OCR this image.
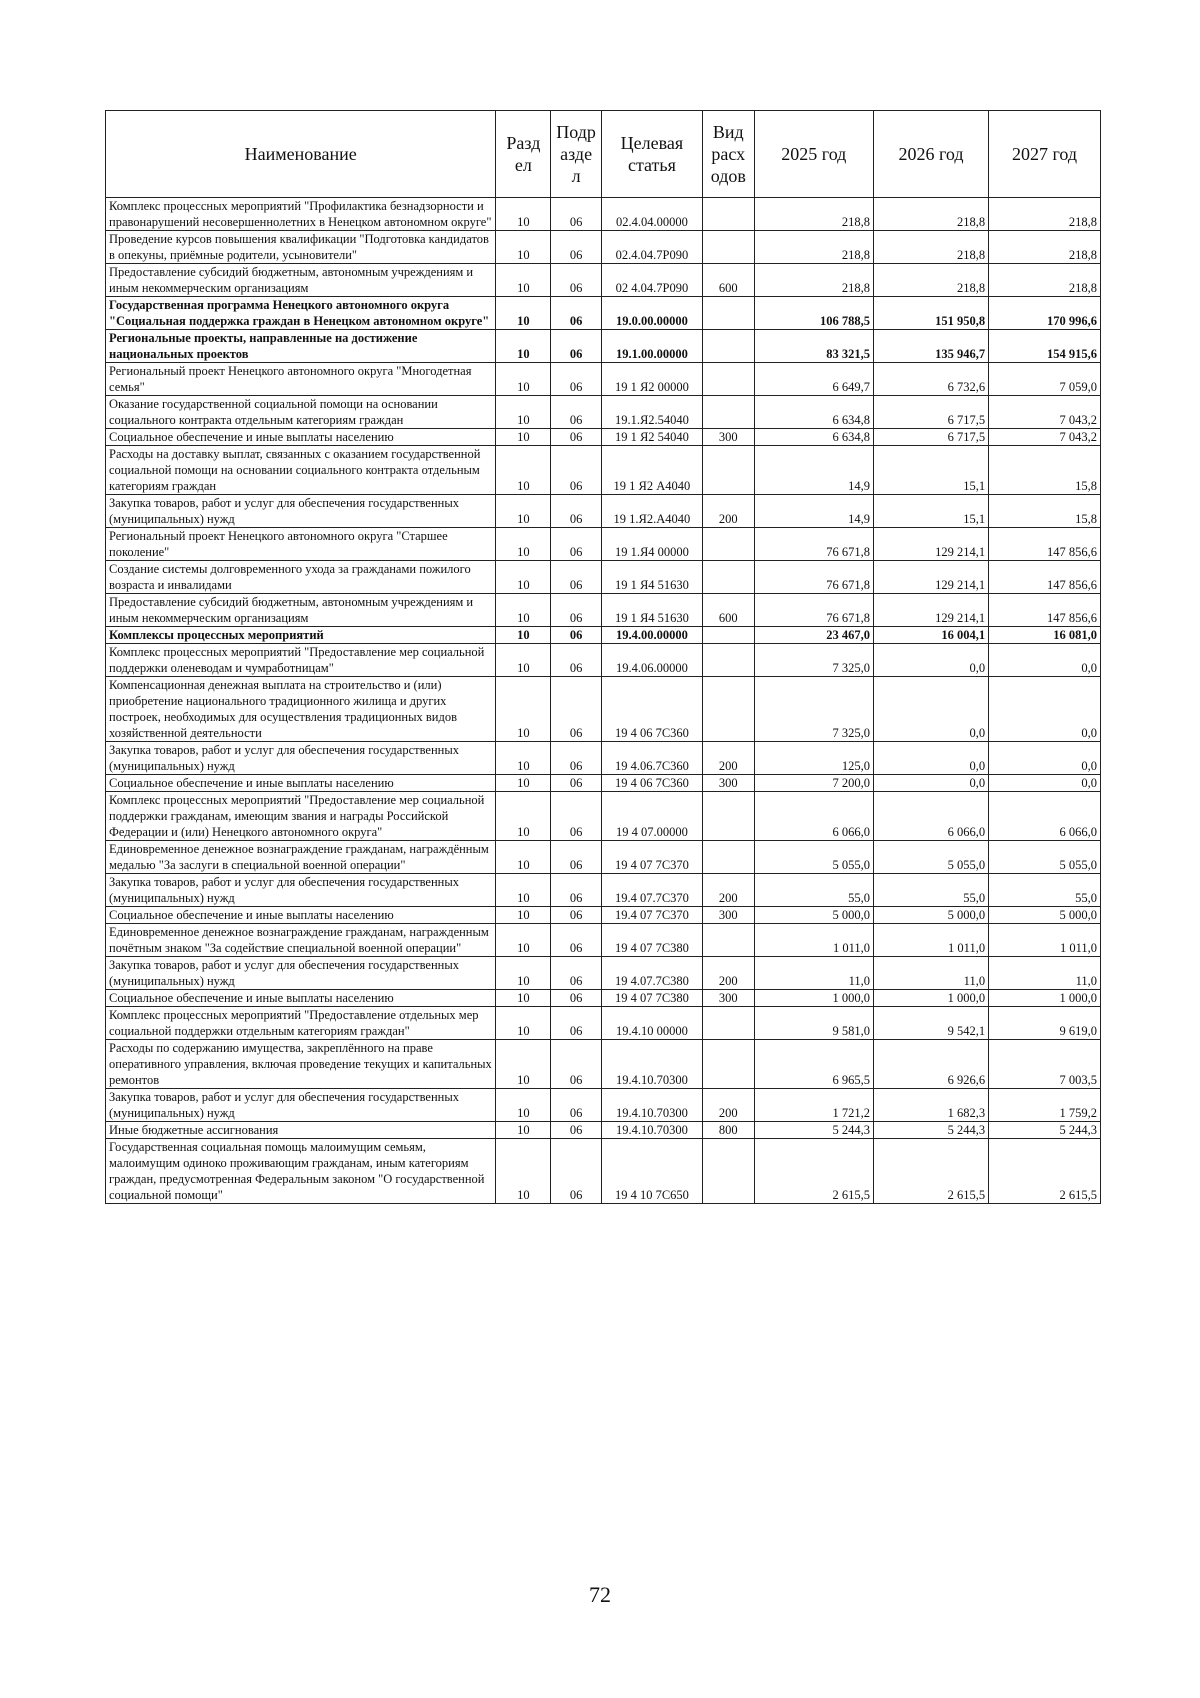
Наименование	Разд ел	Подр азде л	Целевая статья	Вид расх одов	2025 год	2026 год	2027 год
Комплекс процессных мероприятий "Профилактика безнадзорности и правонарушений несовершеннолетних в Ненецком автономном округе"	10	06	02.4.04.00000		218,8	218,8	218,8
Проведение курсов повышения квалификации "Подготовка кандидатов в опекуны, приёмные родители, усыновители"	10	06	02.4.04.7Р090		218,8	218,8	218,8
Предоставление субсидий бюджетным, автономным учреждениям и иным некоммерческим организациям	10	06	02 4.04.7Р090	600	218,8	218,8	218,8
Государственная программа Ненецкого автономного округа "Социальная поддержка граждан в Ненецком автономном округе"	10	06	19.0.00.00000		106 788,5	151 950,8	170 996,6
Региональные проекты, направленные на достижение национальных проектов	10	06	19.1.00.00000		83 321,5	135 946,7	154 915,6
Региональный проект Ненецкого автономного округа "Многодетная семья"	10	06	19 1 Я2 00000		6 649,7	6 732,6	7 059,0
Оказание государственной социальной помощи на основании социального контракта отдельным категориям граждан	10	06	19.1.Я2.54040		6 634,8	6 717,5	7 043,2
Социальное обеспечение и иные выплаты населению	10	06	19 1 Я2 54040	300	6 634,8	6 717,5	7 043,2
Расходы на доставку выплат, связанных с оказанием государственной социальной помощи на основании социального контракта отдельным категориям граждан	10	06	19 1 Я2 А4040		14,9	15,1	15,8
Закупка товаров, работ и услуг для обеспечения государственных (муниципальных) нужд	10	06	19 1.Я2.А4040	200	14,9	15,1	15,8
Региональный проект Ненецкого автономного округа "Старшее поколение"	10	06	19 1.Я4 00000		76 671,8	129 214,1	147 856,6
Создание системы долговременного ухода за гражданами пожилого возраста и инвалидами	10	06	19 1 Я4 51630		76 671,8	129 214,1	147 856,6
Предоставление субсидий бюджетным, автономным учреждениям и иным некоммерческим организациям	10	06	19 1 Я4 51630	600	76 671,8	129 214,1	147 856,6
Комплексы процессных мероприятий	10	06	19.4.00.00000		23 467,0	16 004,1	16 081,0
Комплекс процессных мероприятий "Предоставление мер социальной поддержки оленеводам и чумработницам"	10	06	19.4.06.00000		7 325,0	0,0	0,0
Компенсационная денежная выплата на строительство и (или) приобретение национального традиционного жилища и других построек, необходимых для осуществления традиционных видов хозяйственной деятельности	10	06	19 4 06 7С360		7 325,0	0,0	0,0
Закупка товаров, работ и услуг для обеспечения государственных (муниципальных) нужд	10	06	19 4.06.7С360	200	125,0	0,0	0,0
Социальное обеспечение и иные выплаты населению	10	06	19 4 06 7С360	300	7 200,0	0,0	0,0
Комплекс процессных мероприятий "Предоставление мер социальной поддержки гражданам, имеющим звания и награды Российской Федерации и (или) Ненецкого автономного округа"	10	06	19 4 07.00000		6 066,0	6 066,0	6 066,0
Единовременное денежное вознаграждение гражданам, награждённым медалью "За заслуги в специальной военной операции"	10	06	19 4 07 7С370		5 055,0	5 055,0	5 055,0
Закупка товаров, работ и услуг для обеспечения государственных (муниципальных) нужд	10	06	19.4 07.7С370	200	55,0	55,0	55,0
Социальное обеспечение и иные выплаты населению	10	06	19.4 07 7С370	300	5 000,0	5 000,0	5 000,0
Единовременное денежное вознаграждение гражданам, награжденным почётным знаком "За содействие специальной военной операции"	10	06	19 4 07 7С380		1 011,0	1 011,0	1 011,0
Закупка товаров, работ и услуг для обеспечения государственных (муниципальных) нужд	10	06	19 4.07.7С380	200	11,0	11,0	11,0
Социальное обеспечение и иные выплаты населению	10	06	19 4 07 7С380	300	1 000,0	1 000,0	1 000,0
Комплекс процессных мероприятий "Предоставление отдельных мер социальной поддержки отдельным категориям граждан"	10	06	19.4.10 00000		9 581,0	9 542,1	9 619,0
Расходы по содержанию имущества, закреплённого на праве оперативного управления, включая проведение текущих и капитальных ремонтов	10	06	19.4.10.70300		6 965,5	6 926,6	7 003,5
Закупка товаров, работ и услуг для обеспечения государственных (муниципальных) нужд	10	06	19.4.10.70300	200	1 721,2	1 682,3	1 759,2
Иные бюджетные ассигнования	10	06	19.4.10.70300	800	5 244,3	5 244,3	5 244,3
Государственная социальная помощь малоимущим семьям, малоимущим одиноко проживающим гражданам, иным категориям граждан, предусмотренная Федеральным законом "О государственной социальной помощи"	10	06	19 4 10 7С650		2 615,5	2 615,5	2 615,5
72
